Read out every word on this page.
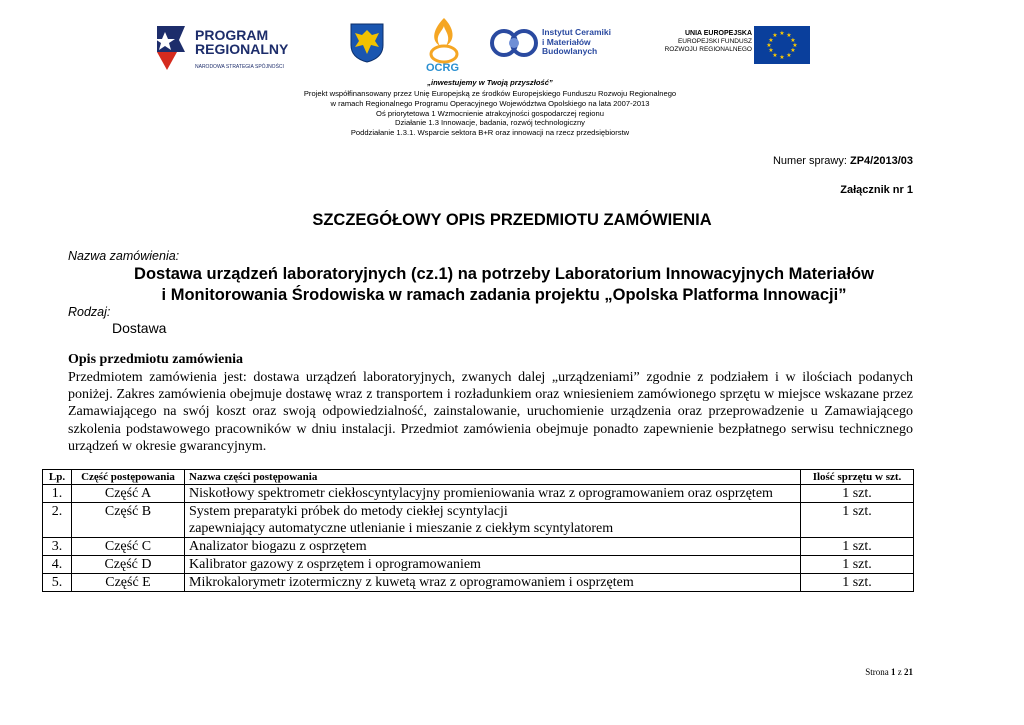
PROGRAM
REGIONALNY
NARODOWA STRATEGIA SPÓJNOŚCI	OCRG
Instytut Ceramiki
i Materiałów
Budowlanych
UNIA EUROPEJSKA
EUROPEJSKI FUNDUSZ
ROZWOJU REGIONALNEGO
★ ★
★
★
★
★
★
★
★
★
★
★
„inwestujemy w Twoją przyszłość”
Projekt współfinansowany przez Unię Europejską ze środków Europejskiego Funduszu Rozwoju Regionalnego
w ramach Regionalnego Programu Operacyjnego Województwa Opolskiego na lata 2007-2013
Oś priorytetowa 1 Wzmocnienie atrakcyjności gospodarczej regionu
Działanie 1.3 Innowacje, badania, rozwój technologiczny
Poddziałanie 1.3.1. Wsparcie sektora B+R oraz innowacji na rzecz przedsiębiorstw
Numer sprawy: ZP4/2013/03
Załącznik nr 1
SZCZEGÓŁOWY OPIS PRZEDMIOTU ZAMÓWIENIA
Nazwa zamówienia:
Dostawa urządzeń laboratoryjnych (cz.1) na potrzeby Laboratorium Innowacyjnych Materiałów
i Monitorowania Środowiska w ramach zadania projektu „Opolska Platforma Innowacji”
Rodzaj:
Dostawa
Opis przedmiotu zamówienia
Przedmiotem zamówienia jest: dostawa urządzeń laboratoryjnych, zwanych dalej „urządzeniami” zgodnie z podziałem i w ilościach podanych poniżej. Zakres zamówienia obejmuje dostawę wraz z transportem i rozładunkiem oraz wniesieniem zamówionego sprzętu w miejsce wskazane przez Zamawiającego na swój koszt oraz swoją odpowiedzialność, zainstalowanie, uruchomienie urządzenia oraz przeprowadzenie u Zamawiającego szkolenia podstawowego pracowników w dniu instalacji. Przedmiot zamówienia obejmuje ponadto zapewnienie bezpłatnego serwisu technicznego urządzeń w okresie gwarancyjnym.
Lp.	Część postępowania	Nazwa części postępowania	Ilość sprzętu w szt.
1.	Część A	Niskotłowy spektrometr ciekłoscyntylacyjny promieniowania wraz z oprogramowaniem oraz osprzętem	1 szt.
2.	Część B	System preparatyki próbek do metody ciekłej scyntylacji
zapewniający automatyczne utlenianie i mieszanie z ciekłym scyntylatorem	1 szt.
3.	Część C	Analizator biogazu z osprzętem	1 szt.
4.	Część D	Kalibrator gazowy z osprzętem i oprogramowaniem	1 szt.
5.	Część E	Mikrokalorymetr izotermiczny z kuwetą wraz z oprogramowaniem i osprzętem	1 szt.
Strona 1 z 21
